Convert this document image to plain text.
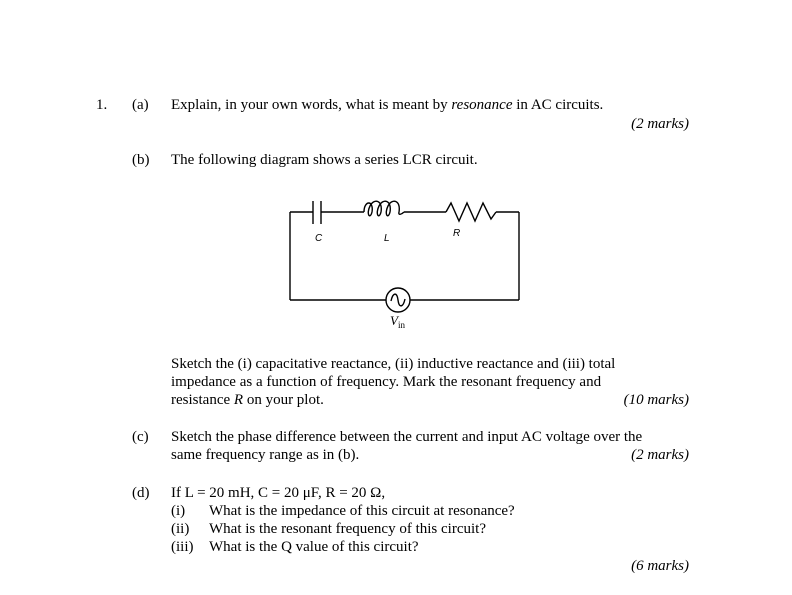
1. (a) Explain, in your own words, what is meant by resonance in AC circuits.
(2 marks)
(b) The following diagram shows a series LCR circuit.
C	L	R
$V_{in}$
Sketch the (i) capacitative reactance, (ii) inductive reactance and (iii) total
impedance as a function of frequency. Mark the resonant frequency and
resistance R on your plot.	(10 marks)
(c) Sketch the phase difference between the current and input AC voltage over the
same frequency range as in (b).	(2 marks)
(d) If L = 20 mH, C = 20 μF, R = 20 Ω,
(i) What is the impedance of this circuit at resonance?
(ii) What is the resonant frequency of this circuit?
(iii) What is the Q value of this circuit?
(6 marks)
